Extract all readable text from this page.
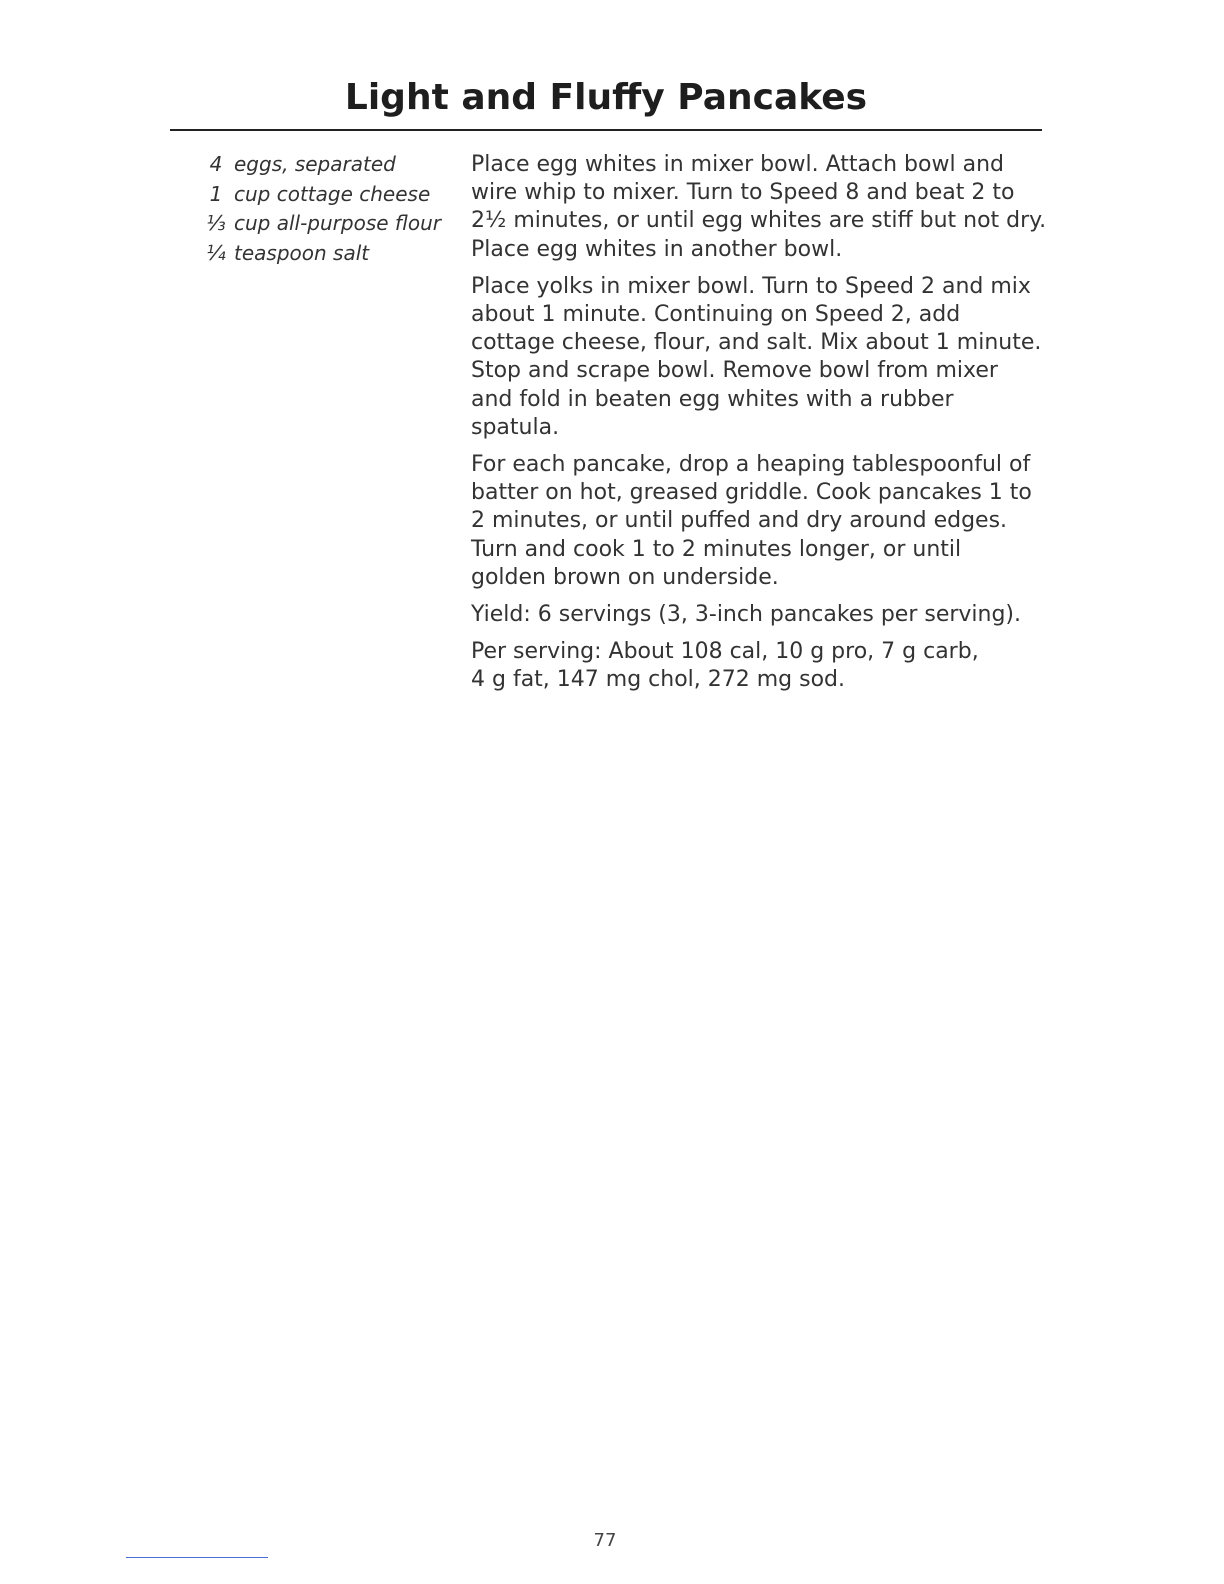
Light and Fluffy Pancakes
4 eggs, separated
1 cup cottage cheese
⅓ cup all-purpose flour
¼ teaspoon salt

Place egg whites in mixer bowl. Attach bowl and
wire whip to mixer. Turn to Speed 8 and beat 2 to
2½ minutes, or until egg whites are stiff but not dry.
Place egg whites in another bowl.

Place yolks in mixer bowl. Turn to Speed 2 and mix
about 1 minute. Continuing on Speed 2, add
cottage cheese, flour, and salt. Mix about 1 minute.
Stop and scrape bowl. Remove bowl from mixer
and fold in beaten egg whites with a rubber
spatula.

For each pancake, drop a heaping tablespoonful of
batter on hot, greased griddle. Cook pancakes 1 to
2 minutes, or until puffed and dry around edges.
Turn and cook 1 to 2 minutes longer, or until
golden brown on underside.

Yield: 6 servings (3, 3-inch pancakes per serving).

Per serving: About 108 cal, 10 g pro, 7 g carb,
4 g fat, 147 mg chol, 272 mg sod.

77
